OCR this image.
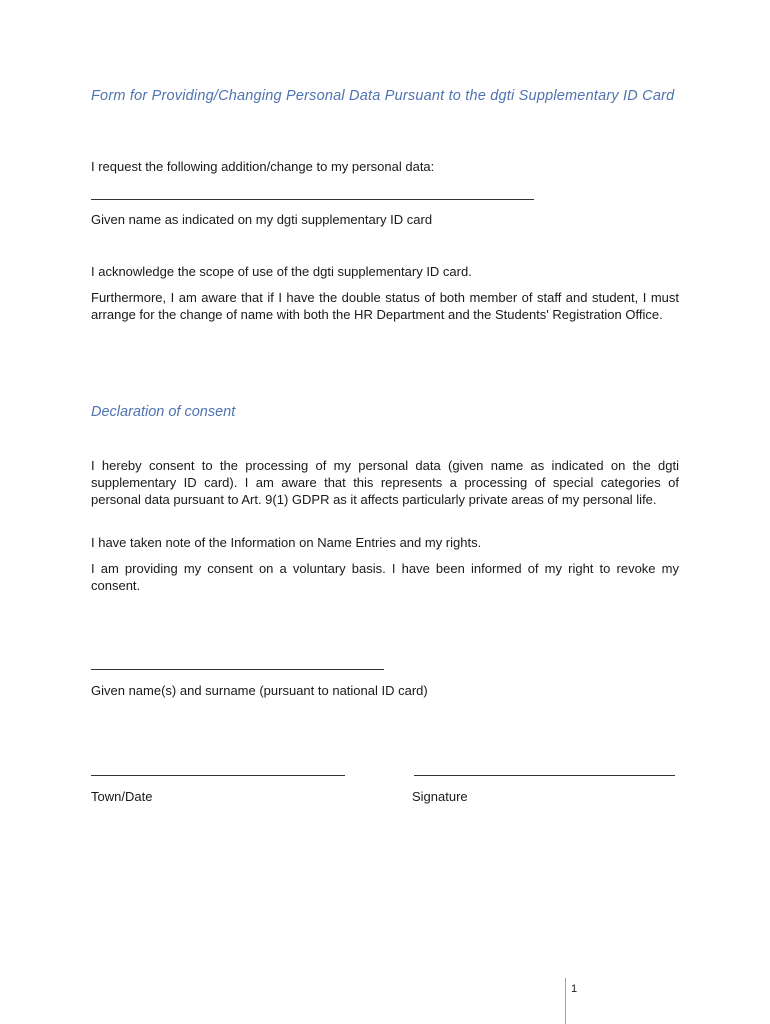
Form for Providing/Changing Personal Data Pursuant to the dgti Supplementary ID Card
I request the following addition/change to my personal data:
Given name as indicated on my dgti supplementary ID card
I acknowledge the scope of use of the dgti supplementary ID card.
Furthermore, I am aware that if I have the double status of both member of staff and student, I must arrange for the change of name with both the HR Department and the Students' Registration Office.
Declaration of consent
I hereby consent to the processing of my personal data (given name as indicated on the dgti supplementary ID card). I am aware that this represents a processing of special categories of personal data pursuant to Art. 9(1) GDPR as it affects particularly private areas of my personal life.
I have taken note of the Information on Name Entries and my rights.
I am providing my consent on a voluntary basis. I have been informed of my right to revoke my consent.
Given name(s) and surname (pursuant to national ID card)
Town/Date	Signature
1
